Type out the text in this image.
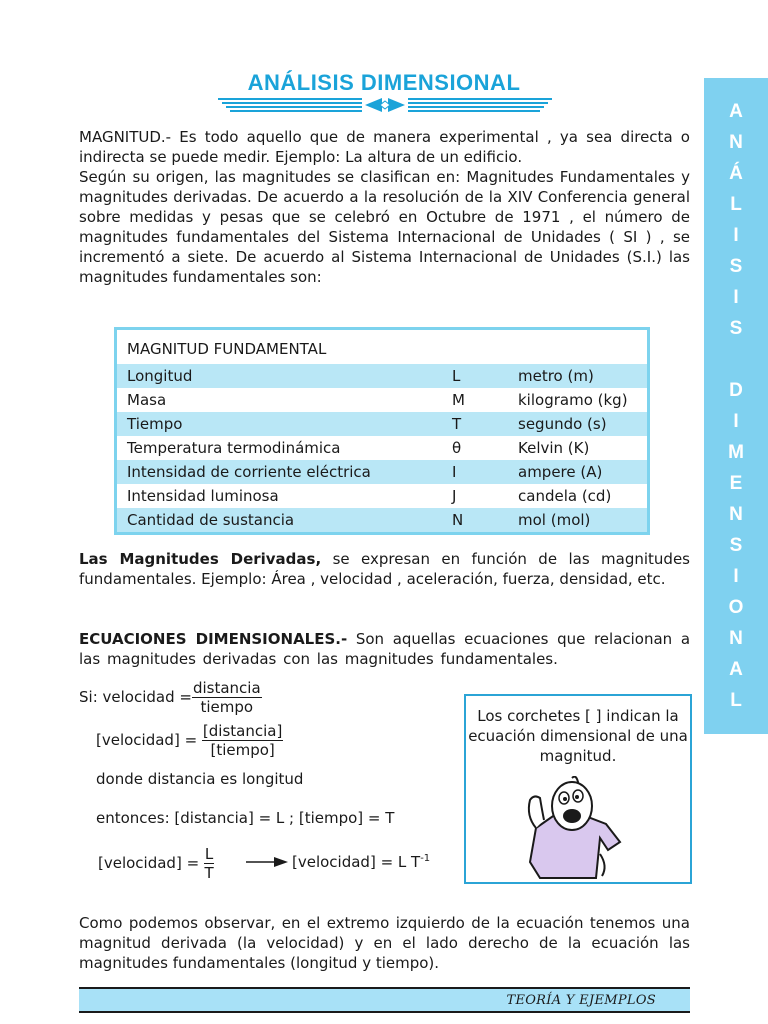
ANÁLISIS DIMENSIONAL
MAGNITUD.- Es todo aquello que de manera experimental , ya sea directa o indirecta se puede medir. Ejemplo: La altura de un edificio.
Según su origen, las magnitudes se clasifican en: Magnitudes Fundamentales y magnitudes derivadas. De acuerdo a la resolución de la XIV Conferencia general sobre medidas y pesas que se celebró en Octubre de 1971 , el número de magnitudes fundamentales del Sistema Internacional de Unidades ( SI ) , se incrementó a siete. De acuerdo al Sistema Internacional de Unidades (S.I.) las magnitudes fundamentales son:
MAGNITUD FUNDAMENTAL		
Longitud	L	metro (m)
Masa	M	kilogramo (kg)
Tiempo	T	segundo (s)
Temperatura termodinámica	θ	Kelvin (K)
Intensidad de corriente eléctrica	I	ampere (A)
Intensidad luminosa	J	candela (cd)
Cantidad de sustancia	N	mol (mol)
Las Magnitudes Derivadas, se expresan en función de las magnitudes fundamentales. Ejemplo: Área , velocidad , aceleración, fuerza, densidad, etc.
ECUACIONES DIMENSIONALES.- Son aquellas ecuaciones que relacionan a las magnitudes derivadas con las magnitudes fundamentales.
Si: velocidad = $\frac{\text{distancia}}{\text{tiempo}}$
[velocidad] = $\frac{\text{[distancia]}}{\text{[tiempo]}}$
donde distancia es longitud
entonces: [distancia] = L ; [tiempo] = T
[velocidad] = $\frac{L}{T}$	[velocidad] = L $T^{-1}$
Los corchetes [ ] indican la ecuación dimensional de una magnitud.
Como podemos observar, en el extremo izquierdo de la ecuación tenemos una magnitud derivada (la velocidad) y en el lado derecho de la ecuación las magnitudes fundamentales (longitud y tiempo).
A
N
Á
L
I
S
I
S
D
I
M
E
N
S
I
O
N
A
L
TEORÍA Y EJEMPLOS
